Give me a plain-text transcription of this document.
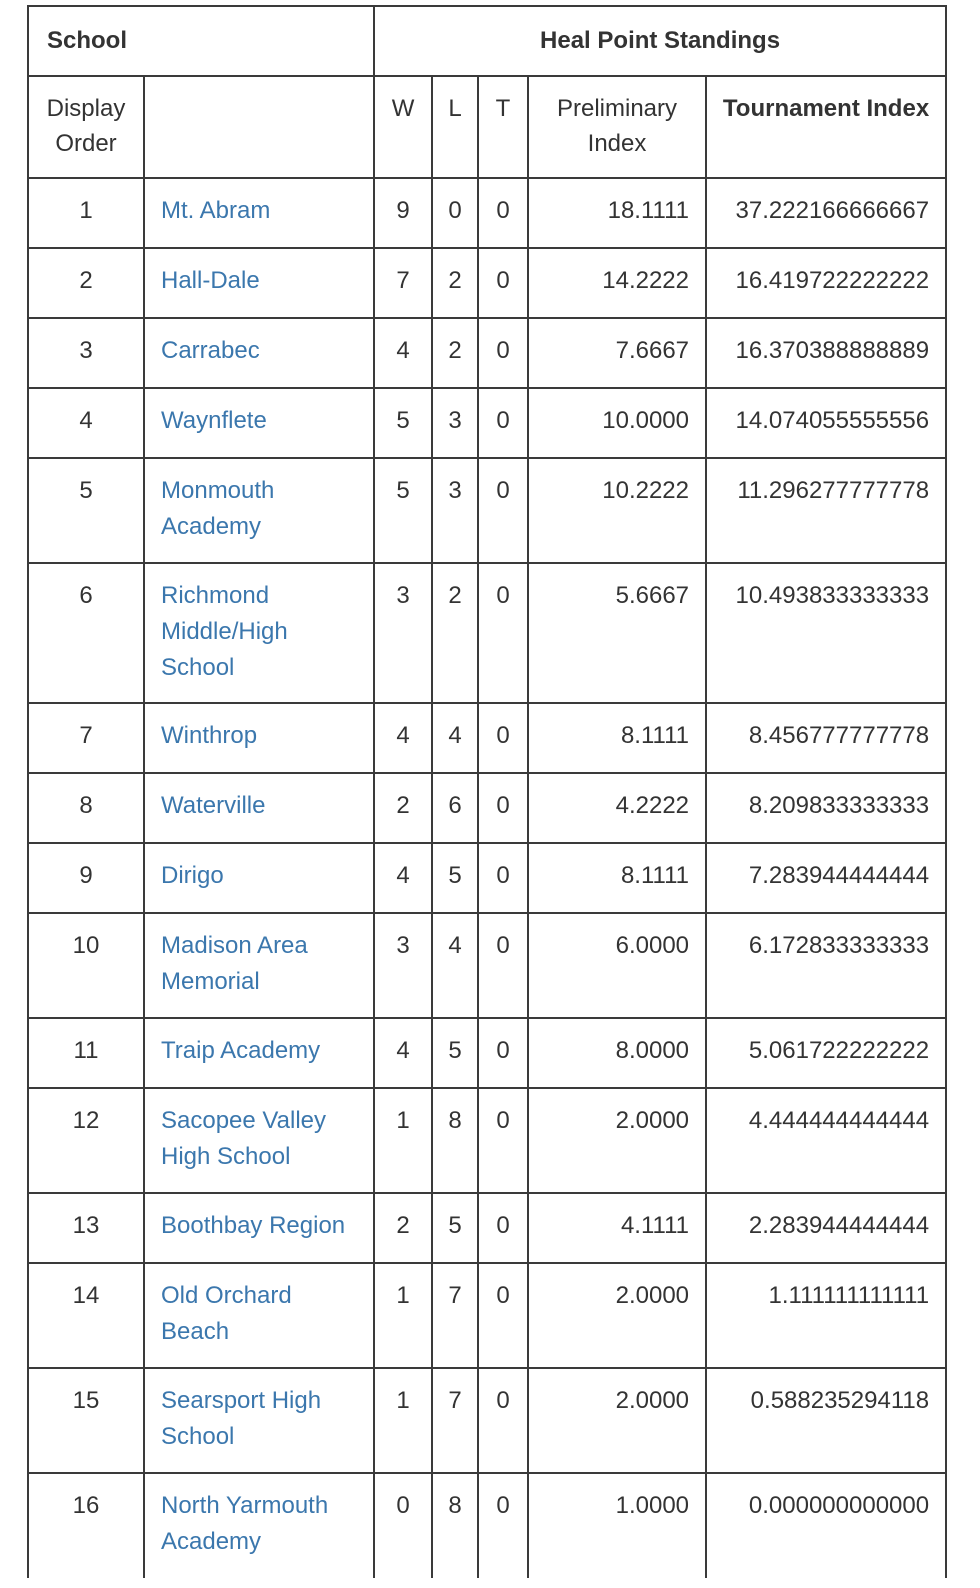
School		Heal Point Standings				
Display Order		W	L	T	Preliminary Index	Tournament Index
1	Mt. Abram	9	0	0	18.1111	37.222166666667
2	Hall-Dale	7	2	0	14.2222	16.419722222222
3	Carrabec	4	2	0	7.6667	16.370388888889
4	Waynflete	5	3	0	10.0000	14.074055555556
5	Monmouth Academy	5	3	0	10.2222	11.296277777778
6	Richmond Middle/High School	3	2	0	5.6667	10.493833333333
7	Winthrop	4	4	0	8.1111	8.456777777778
8	Waterville	2	6	0	4.2222	8.209833333333
9	Dirigo	4	5	0	8.1111	7.283944444444
10	Madison Area Memorial	3	4	0	6.0000	6.172833333333
11	Traip Academy	4	5	0	8.0000	5.061722222222
12	Sacopee Valley High School	1	8	0	2.0000	4.444444444444
13	Boothbay Region	2	5	0	4.1111	2.283944444444
14	Old Orchard Beach	1	7	0	2.0000	1.111111111111
15	Searsport High School	1	7	0	2.0000	0.588235294118
16	North Yarmouth Academy	0	8	0	1.0000	0.000000000000
